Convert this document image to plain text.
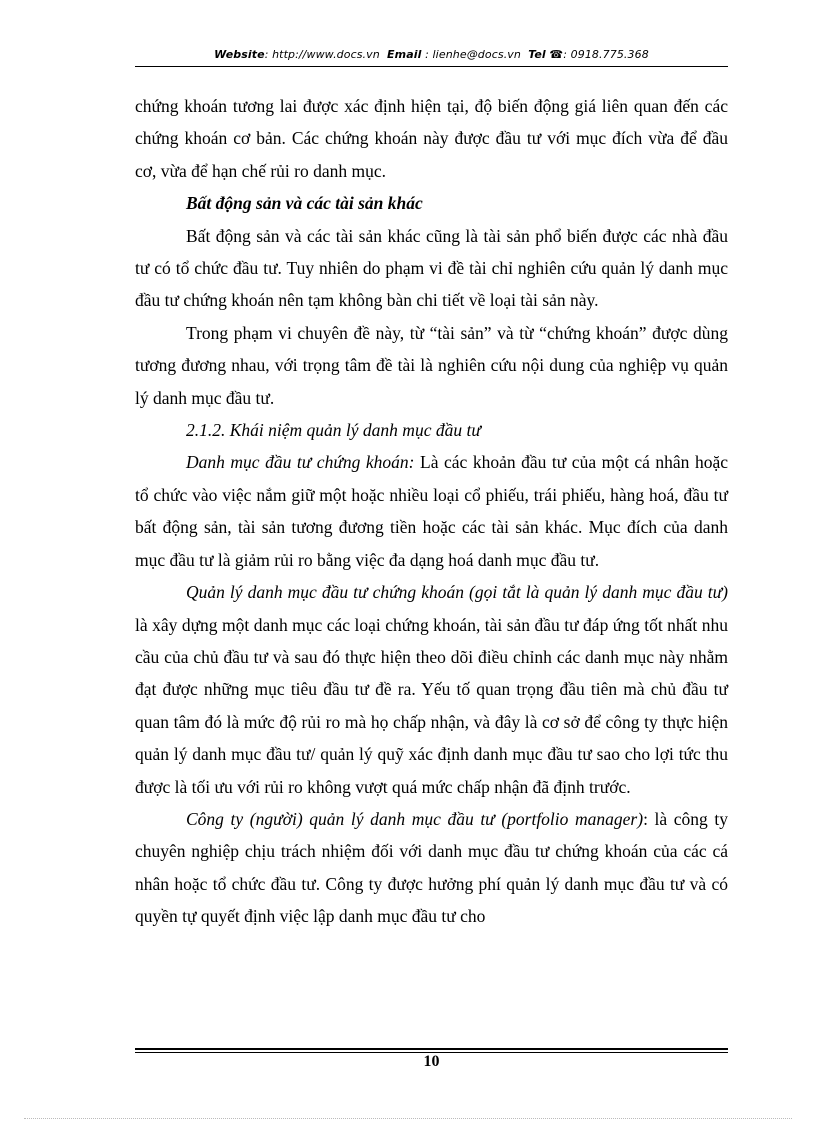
Website: http://www.docs.vn Email : lienhe@docs.vn Tel ☎: 0918.775.368

chứng khoán tương lai được xác định hiện tại, độ biến động giá liên quan đến các chứng khoán cơ bản. Các chứng khoán này được đầu tư với mục đích vừa để đầu cơ, vừa để hạn chế rủi ro danh mục.

Bất động sản và các tài sản khác

Bất động sản và các tài sản khác cũng là tài sản phổ biến được các nhà đầu tư có tổ chức đầu tư. Tuy nhiên do phạm vi đề tài chỉ nghiên cứu quản lý danh mục đầu tư chứng khoán nên tạm không bàn chi tiết về loại tài sản này.

Trong phạm vi chuyên đề này, từ “tài sản” và từ “chứng khoán” được dùng tương đương nhau, với trọng tâm đề tài là nghiên cứu nội dung của nghiệp vụ quản lý danh mục đầu tư.

2.1.2. Khái niệm quản lý danh mục đầu tư

Danh mục đầu tư chứng khoán: Là các khoản đầu tư của một cá nhân hoặc tổ chức vào việc nắm giữ một hoặc nhiều loại cổ phiếu, trái phiếu, hàng hoá, đầu tư bất động sản, tài sản tương đương tiền hoặc các tài sản khác. Mục đích của danh mục đầu tư là giảm rủi ro bằng việc đa dạng hoá danh mục đầu tư.

Quản lý danh mục đầu tư chứng khoán (gọi tắt là quản lý danh mục đầu tư) là xây dựng một danh mục các loại chứng khoán, tài sản đầu tư đáp ứng tốt nhất nhu cầu của chủ đầu tư và sau đó thực hiện theo dõi điều chỉnh các danh mục này nhằm đạt được những mục tiêu đầu tư đề ra. Yếu tố quan trọng đầu tiên mà chủ đầu tư quan tâm đó là mức độ rủi ro mà họ chấp nhận, và đây là cơ sở để công ty thực hiện quản lý danh mục đầu tư/ quản lý quỹ xác định danh mục đầu tư sao cho lợi tức thu được là tối ưu với rủi ro không vượt quá mức chấp nhận đã định trước.

Công ty (người) quản lý danh mục đầu tư (portfolio manager): là công ty chuyên nghiệp chịu trách nhiệm đối với danh mục đầu tư chứng khoán của các cá nhân hoặc tổ chức đầu tư. Công ty được hưởng phí quản lý danh mục đầu tư và có quyền tự quyết định việc lập danh mục đầu tư cho

10
